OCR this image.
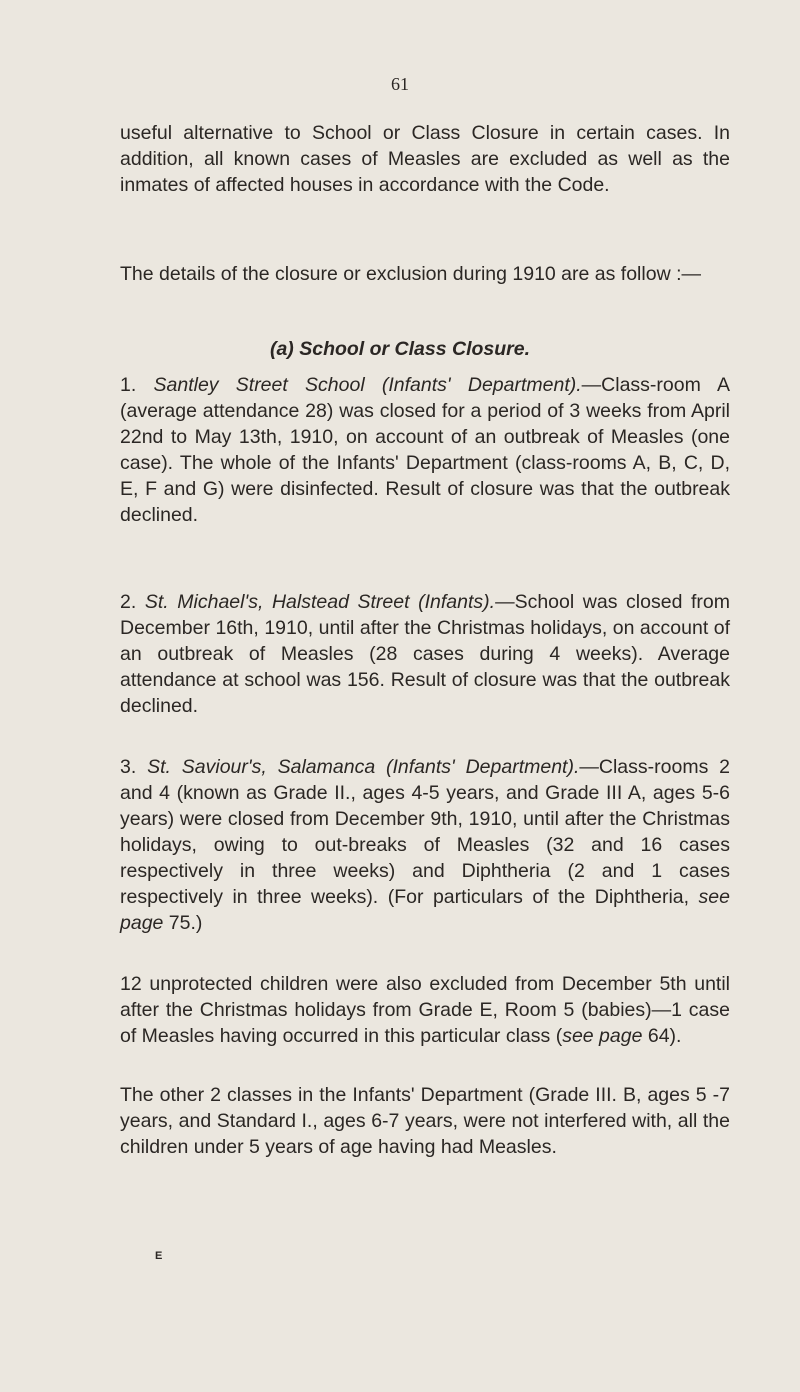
61

useful alternative to School or Class Closure in certain cases. In addition, all known cases of Measles are excluded as well as the inmates of affected houses in accordance with the Code.

The details of the closure or exclusion during 1910 are as follow :—

(a) School or Class Closure.

1. Santley Street School (Infants' Department).—Class-room A (average attendance 28) was closed for a period of 3 weeks from April 22nd to May 13th, 1910, on account of an outbreak of Measles (one case). The whole of the Infants' Department (class-rooms A, B, C, D, E, F and G) were disinfected. Result of closure was that the outbreak declined.

2. St. Michael's, Halstead Street (Infants).—School was closed from December 16th, 1910, until after the Christmas holidays, on account of an outbreak of Measles (28 cases during 4 weeks). Average attendance at school was 156. Result of closure was that the outbreak declined.

3. St. Saviour's, Salamanca (Infants' Department).—Class-rooms 2 and 4 (known as Grade II., ages 4-5 years, and Grade III A, ages 5-6 years) were closed from December 9th, 1910, until after the Christmas holidays, owing to out-breaks of Measles (32 and 16 cases respectively in three weeks) and Diphtheria (2 and 1 cases respectively in three weeks). (For particulars of the Diphtheria, see page 75.)

12 unprotected children were also excluded from December 5th until after the Christmas holidays from Grade E, Room 5 (babies)—1 case of Measles having occurred in this particular class (see page 64).

The other 2 classes in the Infants' Department (Grade III. B, ages 5 -7 years, and Standard I., ages 6-7 years, were not interfered with, all the children under 5 years of age having had Measles.

E
